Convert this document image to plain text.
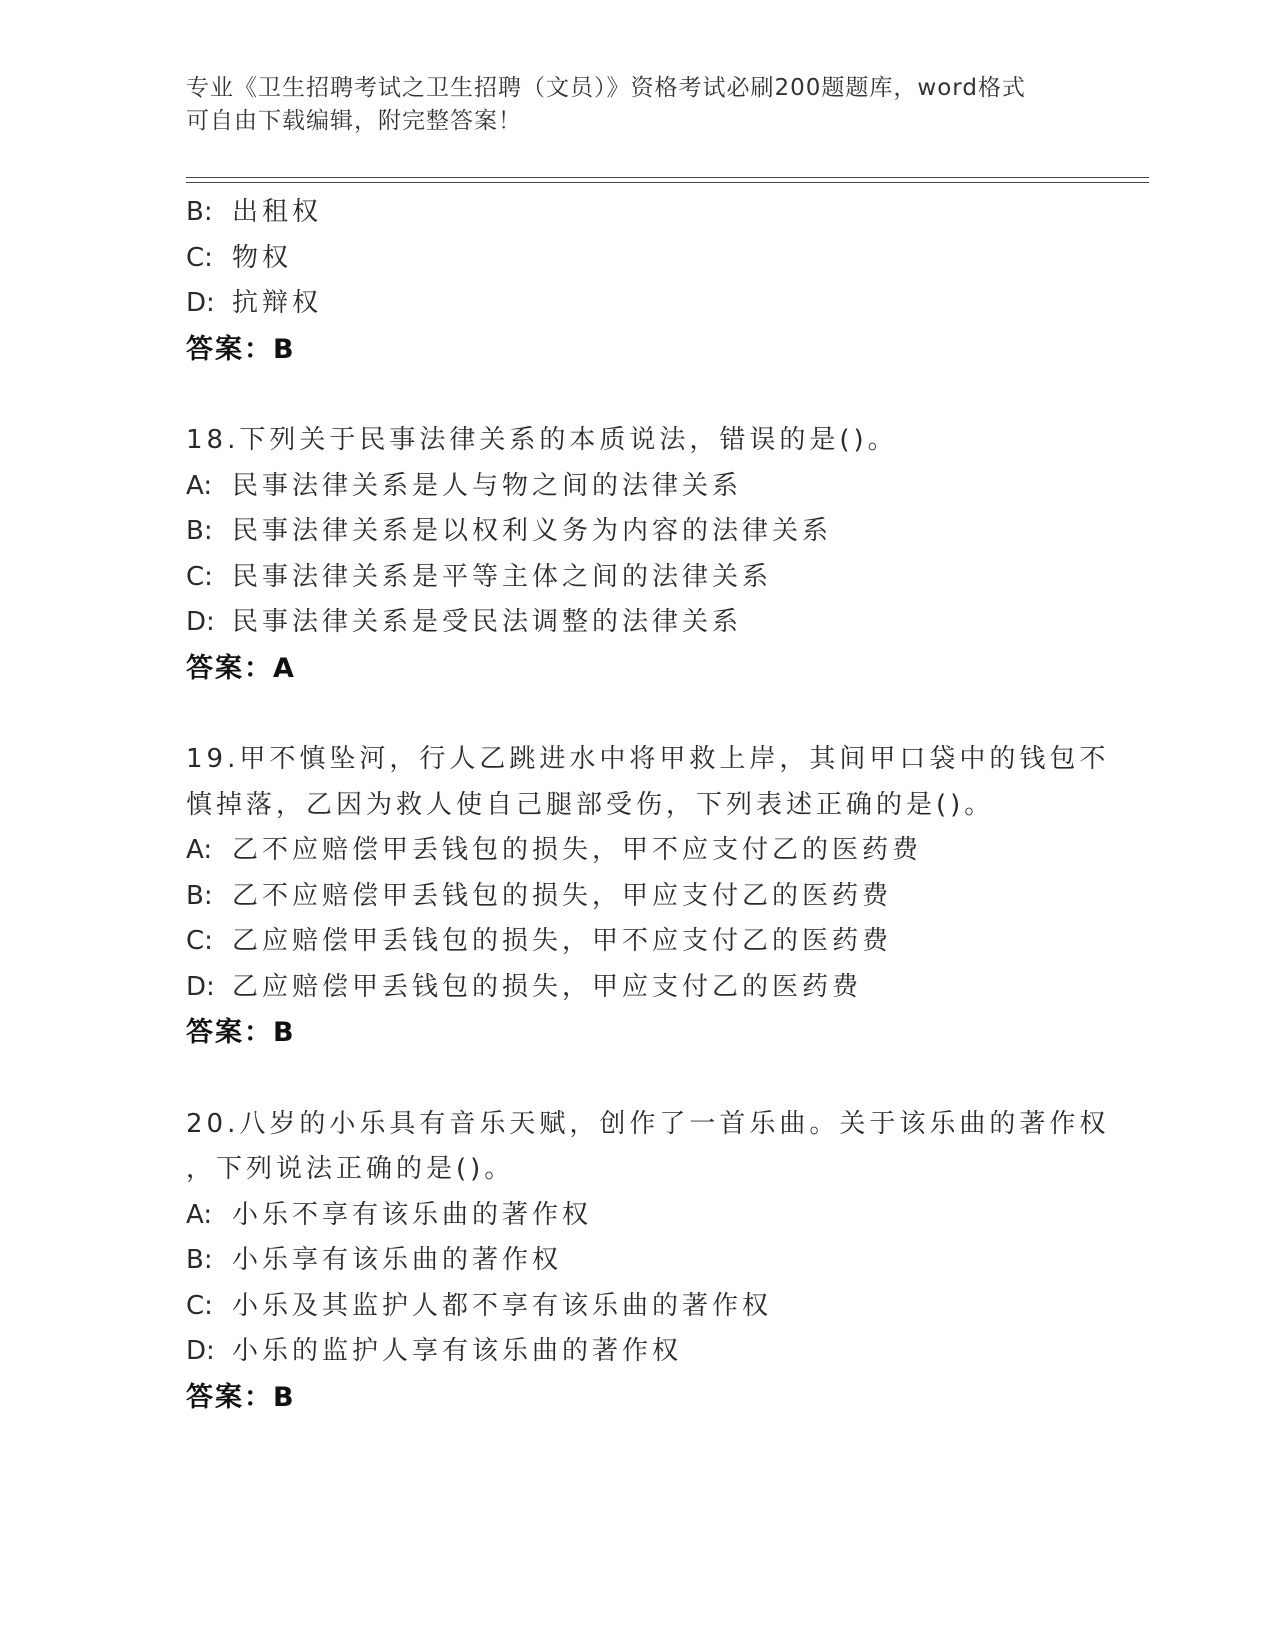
专业《卫生招聘考试之卫生招聘（文员）》资格考试必刷200题题库，word格式
可自由下载编辑，附完整答案！
B: 出租权
C: 物权
D: 抗辩权
答案：B
18.下列关于民事法律关系的本质说法，错误的是()。
A: 民事法律关系是人与物之间的法律关系
B: 民事法律关系是以权利义务为内容的法律关系
C: 民事法律关系是平等主体之间的法律关系
D: 民事法律关系是受民法调整的法律关系
答案：A
19.甲不慎坠河，行人乙跳进水中将甲救上岸，其间甲口袋中的钱包不
慎掉落，乙因为救人使自己腿部受伤，下列表述正确的是()。
A: 乙不应赔偿甲丢钱包的损失，甲不应支付乙的医药费
B: 乙不应赔偿甲丢钱包的损失，甲应支付乙的医药费
C: 乙应赔偿甲丢钱包的损失，甲不应支付乙的医药费
D: 乙应赔偿甲丢钱包的损失，甲应支付乙的医药费
答案：B
20.八岁的小乐具有音乐天赋，创作了一首乐曲。关于该乐曲的著作权
，下列说法正确的是()。
A: 小乐不享有该乐曲的著作权
B: 小乐享有该乐曲的著作权
C: 小乐及其监护人都不享有该乐曲的著作权
D: 小乐的监护人享有该乐曲的著作权
答案：B
